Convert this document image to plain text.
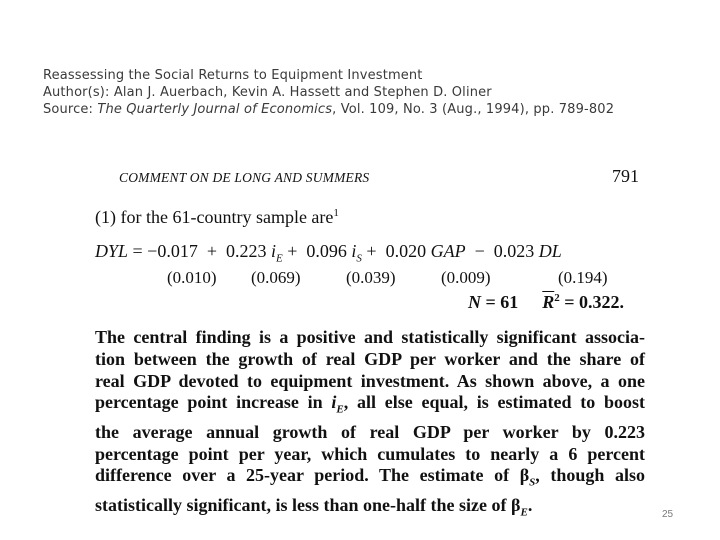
Reassessing the Social Returns to Equipment Investment
Author(s): Alan J. Auerbach, Kevin A. Hassett and Stephen D. Oliner
Source: The Quarterly Journal of Economics, Vol. 109, No. 3 (Aug., 1994), pp. 789-802
COMMENT ON DE LONG AND SUMMERS	791
(1) for the 61-country sample are$^1$
DYL = −0.017  +  0.223 $i_E + 0.096$ $i_S + 0.020$ GAP  −  0.023 DL
(0.010) (0.069)	(0.039)	(0.009)	(0.194)
N = 61 $\overline{R}^2 = 0.322$.
The central finding is a positive and statistically significant associa-
tion between the growth of real GDP per worker and the share of
real GDP devoted to equipment investment. As shown above, a one
percentage point increase in $i_E$, all else equal, is estimated to boost
the average annual growth of real GDP per worker by 0.223
percentage point per year, which cumulates to nearly a 6 percent
difference over a 25-year period. The estimate of $\beta_S$, though also
statistically significant, is less than one-half the size of $\beta_E$.	25
